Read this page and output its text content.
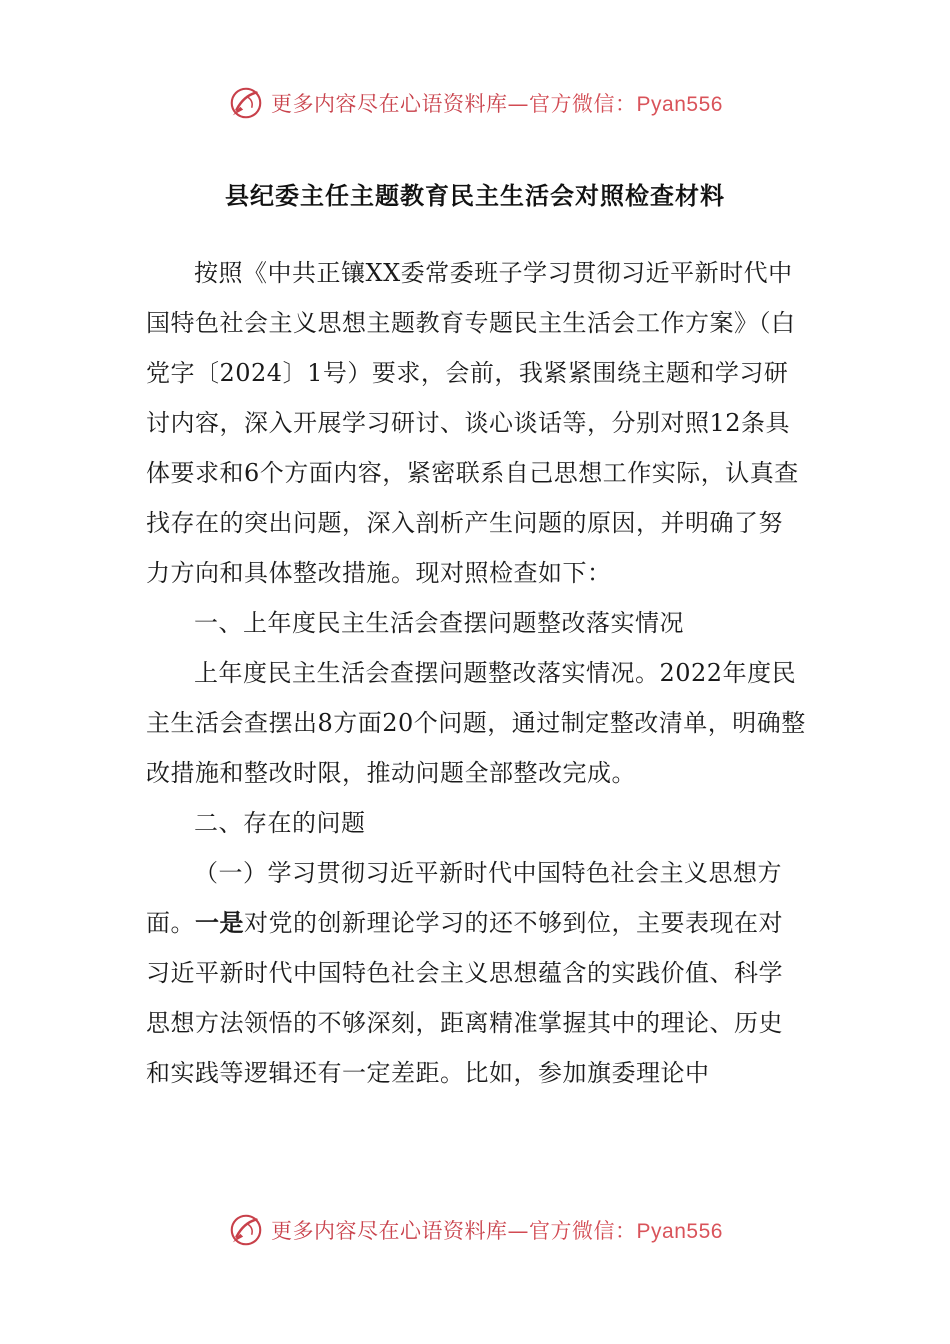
更多内容尽在心语资料库—官方微信：Pyan556
县纪委主任主题教育民主生活会对照检查材料

按照《中共正镶XX委常委班子学习贯彻习近平新时代中国特色社会主义思想主题教育专题民主生活会工作方案》（白党字〔2024〕1号）要求，会前，我紧紧围绕主题和学习研讨内容，深入开展学习研讨、谈心谈话等，分别对照12条具体要求和6个方面内容，紧密联系自己思想工作实际，认真查找存在的突出问题，深入剖析产生问题的原因，并明确了努力方向和具体整改措施。现对照检查如下：

一、上年度民主生活会查摆问题整改落实情况

上年度民主生活会查摆问题整改落实情况。2022年度民主生活会查摆出8方面20个问题，通过制定整改清单，明确整改措施和整改时限，推动问题全部整改完成。

二、存在的问题

（一）学习贯彻习近平新时代中国特色社会主义思想方面。一是对党的创新理论学习的还不够到位，主要表现在对习近平新时代中国特色社会主义思想蕴含的实践价值、科学思想方法领悟的不够深刻，距离精准掌握其中的理论、历史和实践等逻辑还有一定差距。比如，参加旗委理论中

更多内容尽在心语资料库—官方微信：Pyan556
